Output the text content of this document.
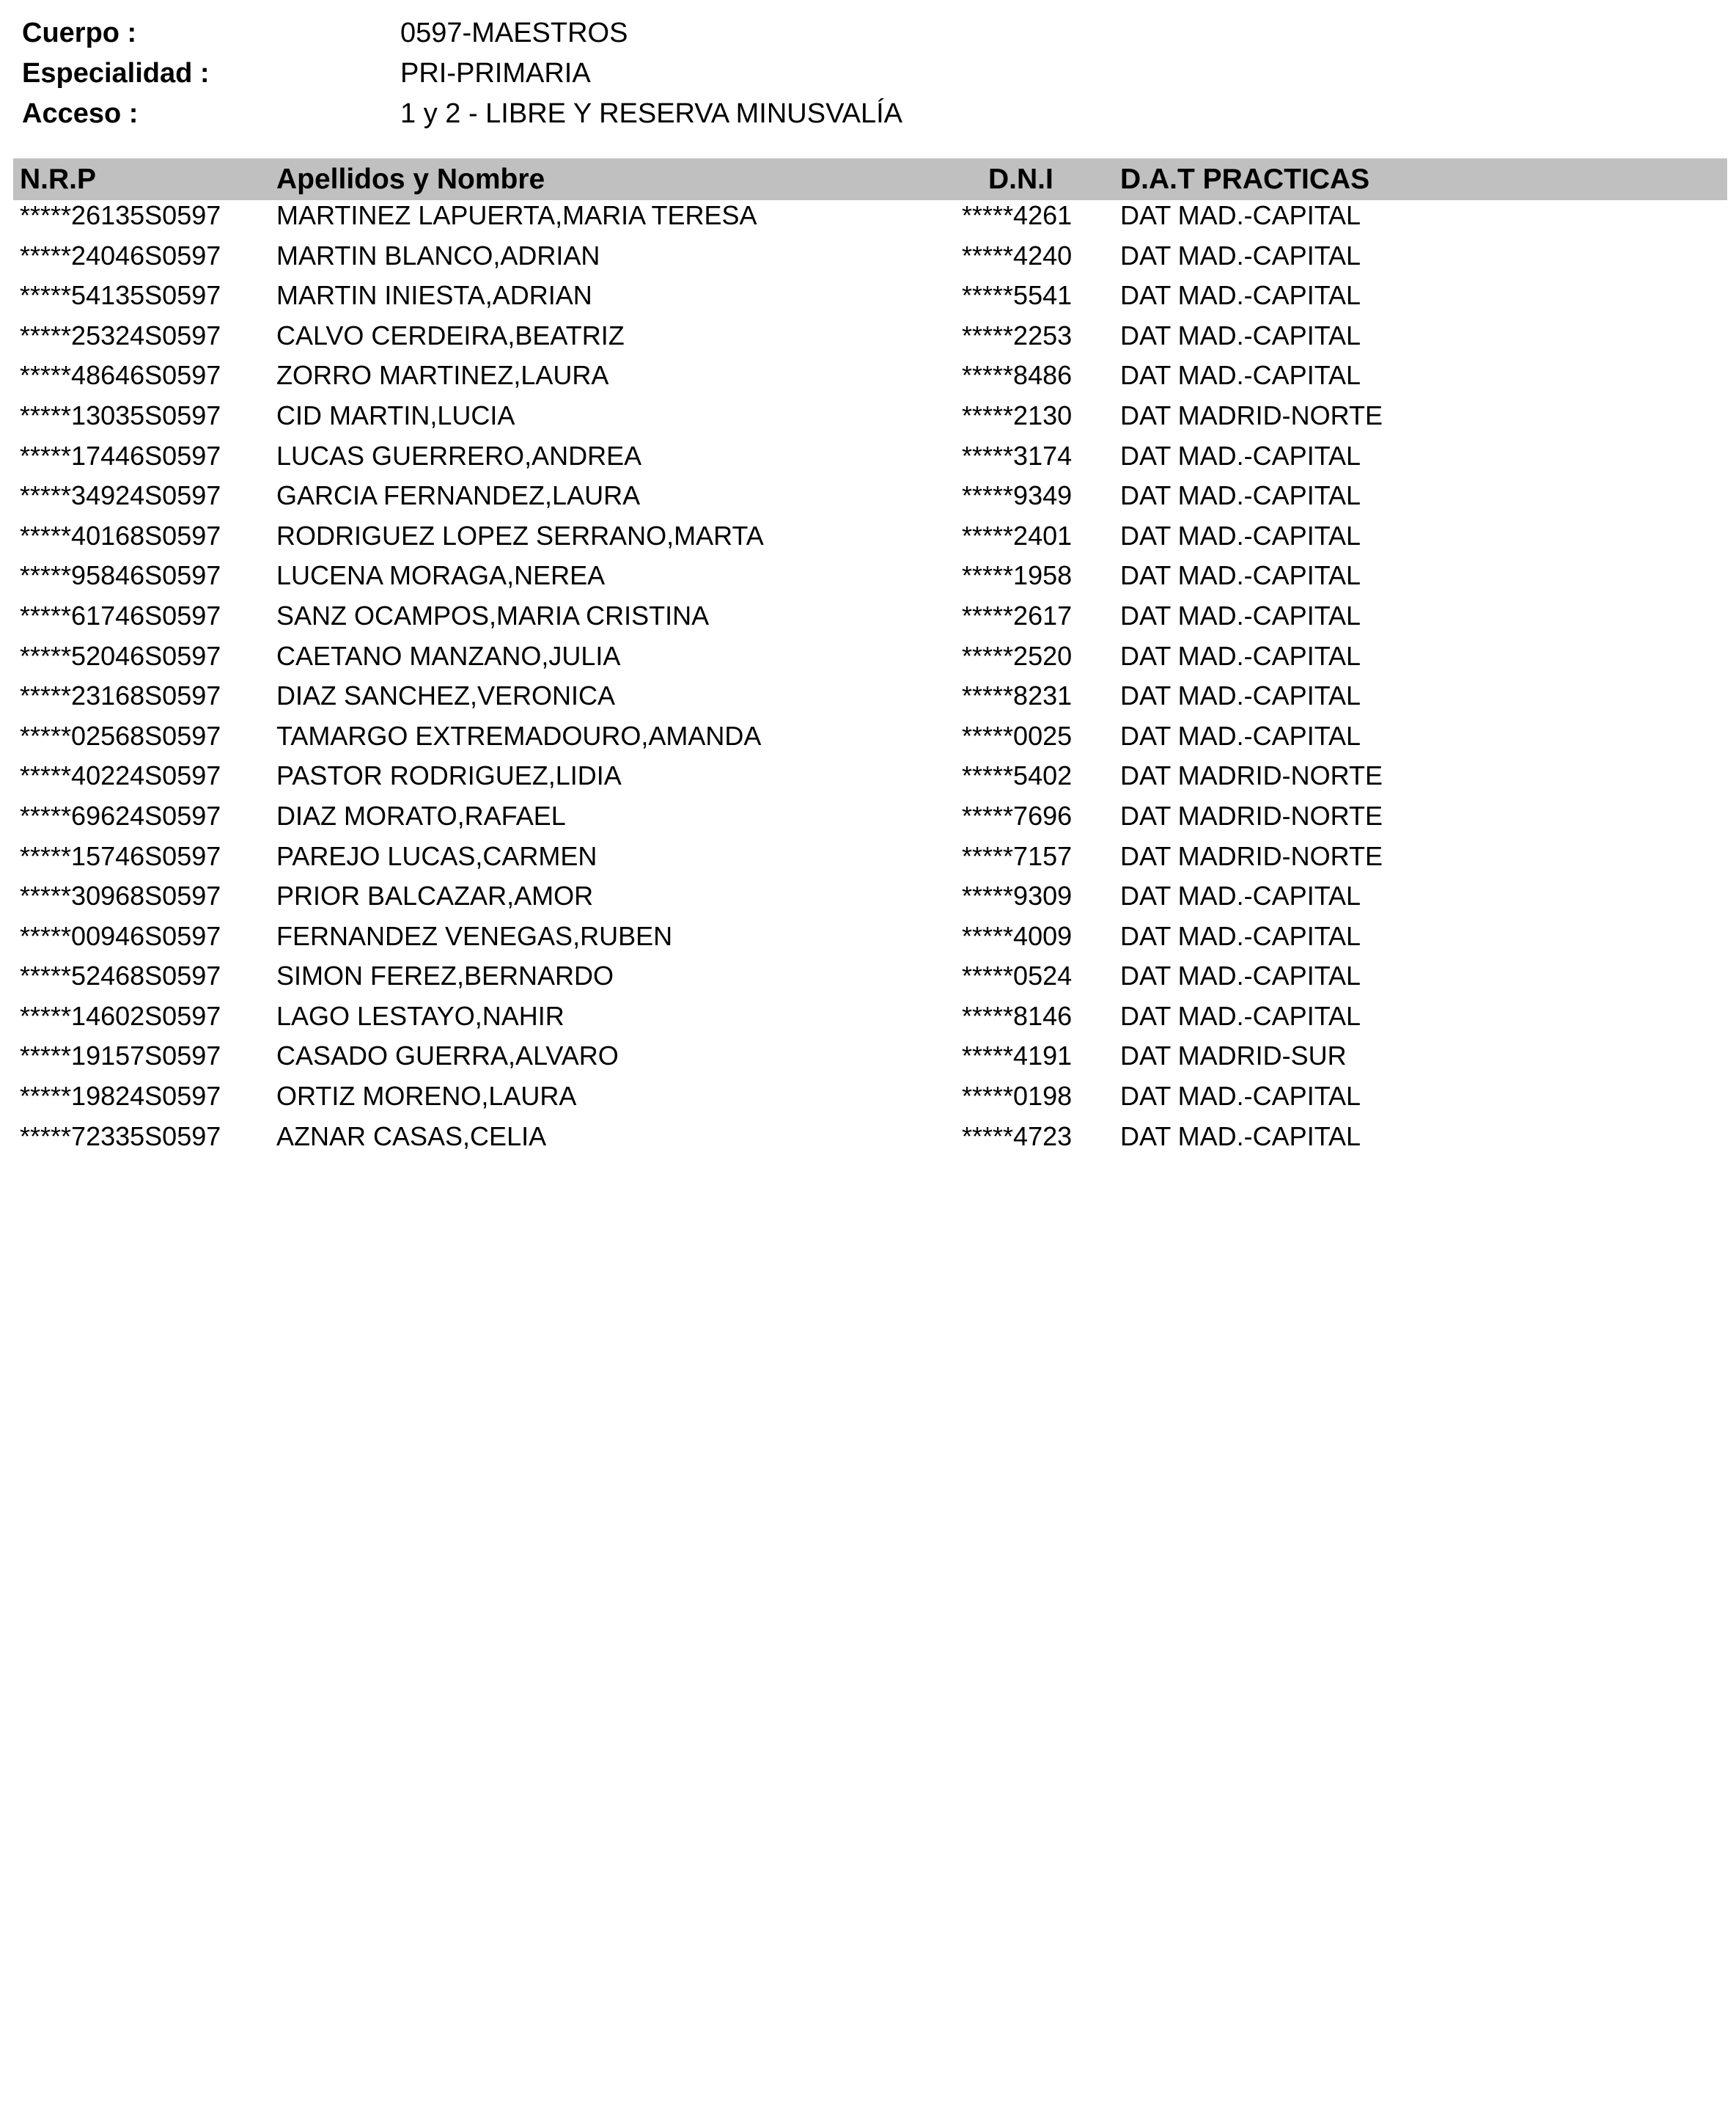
Cuerpo :	0597-MAESTROS
Especialidad :	PRI-PRIMARIA
Acceso :	1 y 2 - LIBRE Y RESERVA MINUSVALÍA
N.R.P	Apellidos y Nombre	D.N.I	D.A.T PRACTICAS
*****26135S0597 MARTINEZ LAPUERTA,MARIA TERESA	*****4261	DAT MAD.-CAPITAL
*****24046S0597 MARTIN BLANCO,ADRIAN	*****4240	DAT MAD.-CAPITAL
*****54135S0597 MARTIN INIESTA,ADRIAN	*****5541	DAT MAD.-CAPITAL
*****25324S0597 CALVO CERDEIRA,BEATRIZ	*****2253	DAT MAD.-CAPITAL
*****48646S0597 ZORRO MARTINEZ,LAURA	*****8486	DAT MAD.-CAPITAL
*****13035S0597 CID MARTIN,LUCIA	*****2130	DAT MADRID-NORTE
*****17446S0597 LUCAS GUERRERO,ANDREA	*****3174	DAT MAD.-CAPITAL
*****34924S0597 GARCIA FERNANDEZ,LAURA	*****9349	DAT MAD.-CAPITAL
*****40168S0597 RODRIGUEZ LOPEZ SERRANO,MARTA	*****2401	DAT MAD.-CAPITAL
*****95846S0597 LUCENA MORAGA,NEREA	*****1958	DAT MAD.-CAPITAL
*****61746S0597 SANZ OCAMPOS,MARIA CRISTINA	*****2617	DAT MAD.-CAPITAL
*****52046S0597 CAETANO MANZANO,JULIA	*****2520	DAT MAD.-CAPITAL
*****23168S0597 DIAZ SANCHEZ,VERONICA	*****8231	DAT MAD.-CAPITAL
*****02568S0597 TAMARGO EXTREMADOURO,AMANDA	*****0025	DAT MAD.-CAPITAL
*****40224S0597 PASTOR RODRIGUEZ,LIDIA	*****5402	DAT MADRID-NORTE
*****69624S0597 DIAZ MORATO,RAFAEL	*****7696	DAT MADRID-NORTE
*****15746S0597 PAREJO LUCAS,CARMEN	*****7157	DAT MADRID-NORTE
*****30968S0597 PRIOR BALCAZAR,AMOR	*****9309	DAT MAD.-CAPITAL
*****00946S0597 FERNANDEZ VENEGAS,RUBEN	*****4009	DAT MAD.-CAPITAL
*****52468S0597 SIMON FEREZ,BERNARDO	*****0524	DAT MAD.-CAPITAL
*****14602S0597 LAGO LESTAYO,NAHIR	*****8146	DAT MAD.-CAPITAL
*****19157S0597 CASADO GUERRA,ALVARO	*****4191	DAT MADRID-SUR
*****19824S0597 ORTIZ MORENO,LAURA	*****0198	DAT MAD.-CAPITAL
*****72335S0597 AZNAR CASAS,CELIA	*****4723	DAT MAD.-CAPITAL
